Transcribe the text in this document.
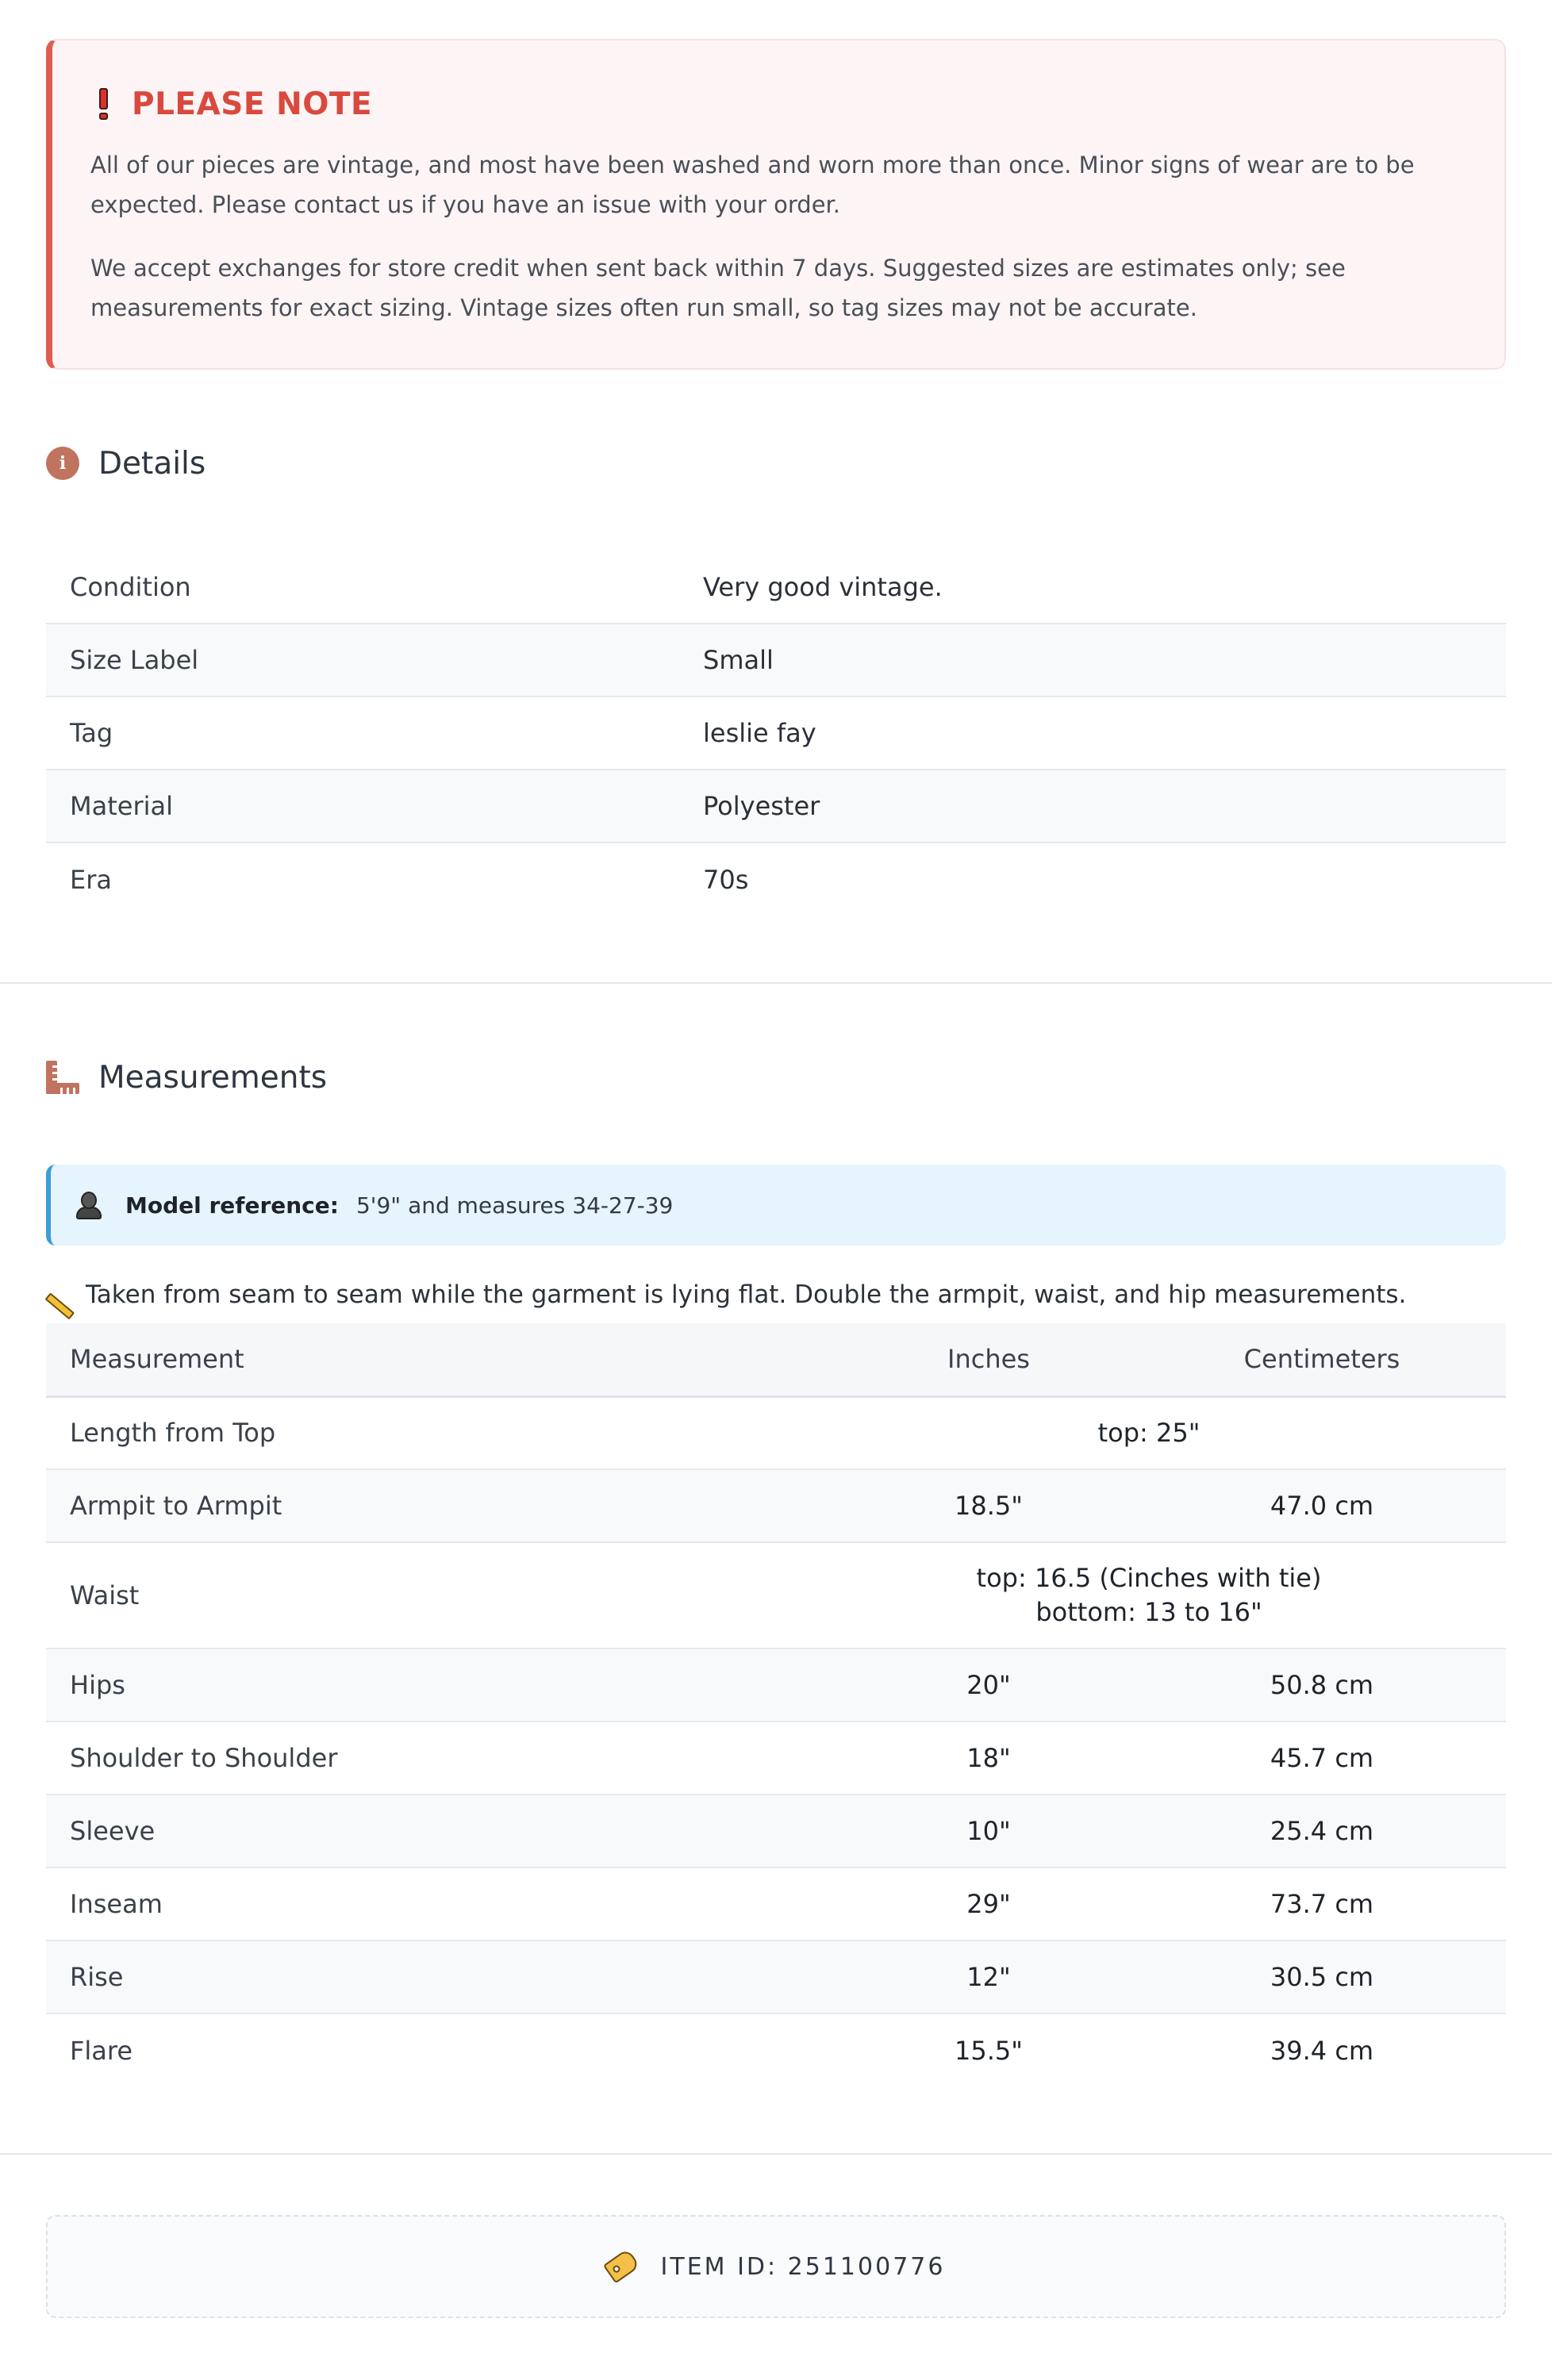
PLEASE NOTE

All of our pieces are vintage, and most have been washed and worn more than once. Minor signs of wear are to be expected. Please contact us if you have an issue with your order.

We accept exchanges for store credit when sent back within 7 days. Suggested sizes are estimates only; see measurements for exact sizing. Vintage sizes often run small, so tag sizes may not be accurate.

i	Details
Condition	Very good vintage.
Size Label	Small
Tag	leslie fay
Material	Polyester
Era	70s
Measurements
Model reference: 5'9" and measures 34-27-39
Taken from seam to seam while the garment is lying flat. Double the armpit, waist, and hip measurements.
Measurement	Inches	Centimeters
Length from Top	top: 25"	
Armpit to Armpit	18.5"	47.0 cm
Waist	top: 16.5 (Cinches with tie)
bottom: 13 to 16"	

Hips	20"	50.8 cm
Shoulder to Shoulder	18"	45.7 cm
Sleeve	10"	25.4 cm
Inseam	29"	73.7 cm
Rise	12"	30.5 cm
Flare	15.5"	39.4 cm
ITEM ID: 251100776
